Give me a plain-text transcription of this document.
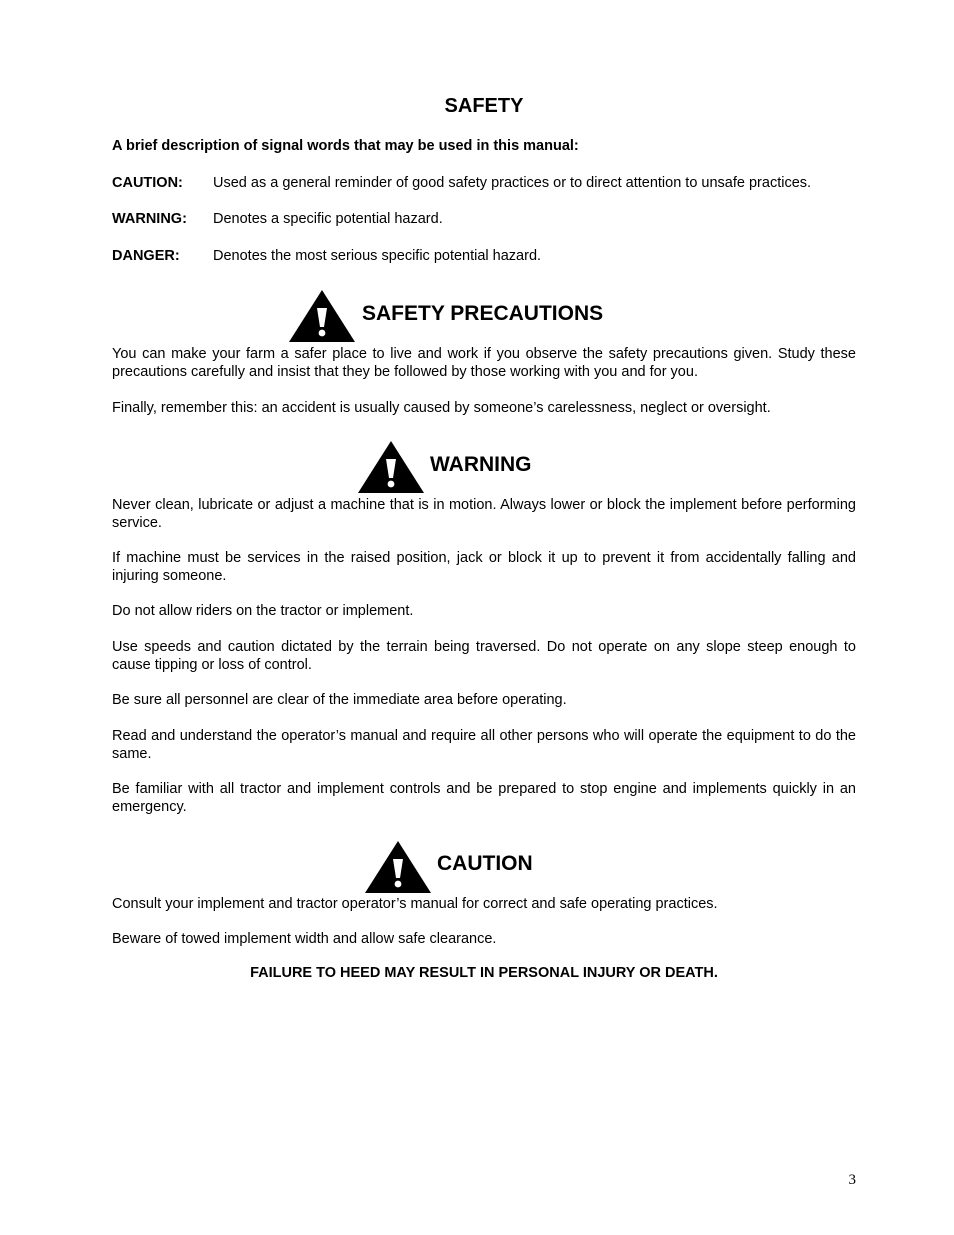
SAFETY
A brief description of signal words that may be used in this manual:
CAUTION: Used as a general reminder of good safety practices or to direct attention to unsafe practices.
WARNING: Denotes a specific potential hazard.
DANGER: Denotes the most serious specific potential hazard.
SAFETY PRECAUTIONS

You can make your farm a safer place to live and work if you observe the safety precautions given. Study these precautions carefully and insist that they be followed by those working with you and for you.

Finally, remember this: an accident is usually caused by someone’s carelessness, neglect or oversight.

WARNING

Never clean, lubricate or adjust a machine that is in motion. Always lower or block the implement before performing service.

If machine must be services in the raised position, jack or block it up to prevent it from accidentally falling and injuring someone.

Do not allow riders on the tractor or implement.

Use speeds and caution dictated by the terrain being traversed. Do not operate on any slope steep enough to cause tipping or loss of control.

Be sure all personnel are clear of the immediate area before operating.

Read and understand the operator’s manual and require all other persons who will operate the equipment to do the same.

Be familiar with all tractor and implement controls and be prepared to stop engine and implements quickly in an emergency.

CAUTION

Consult your implement and tractor operator’s manual for correct and safe operating practices.

Beware of towed implement width and allow safe clearance.

FAILURE TO HEED MAY RESULT IN PERSONAL INJURY OR DEATH.
3
